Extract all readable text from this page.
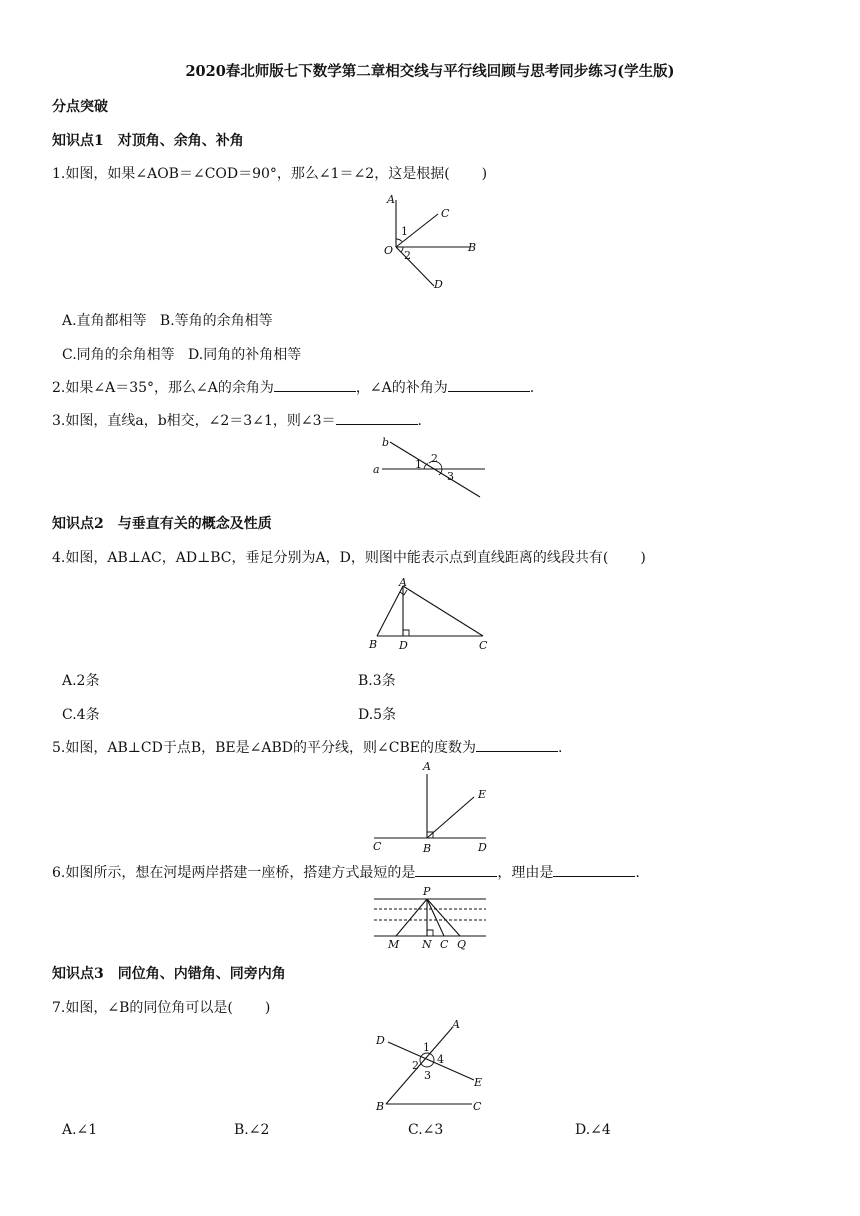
2020春北师版七下数学第二章相交线与平行线回顾与思考同步练习(学生版)
分点突破
知识点1　对顶角、余角、补角
1.如图，如果∠AOB＝∠COD＝90°，那么∠1＝∠2，这是根据( )
A
C
B
O
D
1
2
A.直角都相等 B.等角的余角相等
C.同角的余角相等 D.同角的补角相等
2.如果∠A＝35°，那么∠A的余角为	，∠A的补角为	.
3.如图，直线a，b相交，∠2＝3∠1，则∠3＝	.
b
a	1 2
3
知识点2　与垂直有关的概念及性质
4.如图，AB⊥AC，AD⊥BC，垂足分别为A，D，则图中能表示点到直线距离的线段共有( )
A
B D	C
A.2条	B.3条
C.4条	D.5条
5.如图，AB⊥CD于点B，BE是∠ABD的平分线，则∠CBE的度数为	.
A
E
C	B	D
6.如图所示，想在河堤两岸搭建一座桥，搭建方式最短的是	，理由是	.
P
M N C Q
知识点3　同位角、内错角、同旁内角
7.如图，∠B的同位角可以是( )
D
A
E
B	C
1
2
3
4
A.∠1	B.∠2	C.∠3	D.∠4
